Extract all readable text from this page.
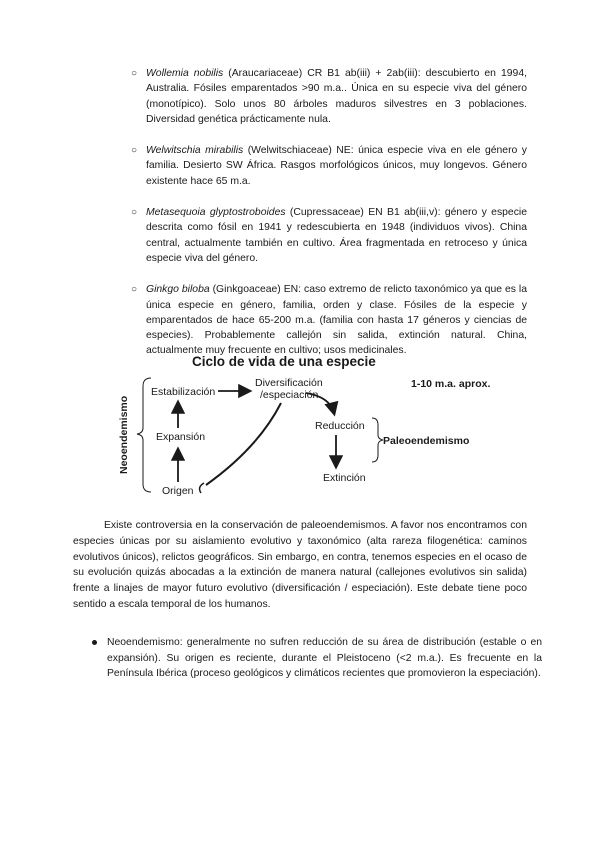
○ Wollemia nobilis (Araucariaceae) CR B1 ab(iii) + 2ab(iii): descubierto en 1994, Australia. Fósiles emparentados >90 m.a.. Única en su especie viva del género (monotípico). Solo unos 80 árboles maduros silvestres en 3 poblaciones. Diversidad genética prácticamente nula.
○ Welwitschia mirabilis (Welwitschiaceae) NE: única especie viva en ele género y familia. Desierto SW África. Rasgos morfológicos únicos, muy longevos. Género existente hace 65 m.a.
○ Metasequoia glyptostroboides (Cupressaceae) EN B1 ab(iii,v): género y especie descrita como fósil en 1941 y redescubierta en 1948 (individuos vivos). China central, actualmente también en cultivo. Área fragmentada en retroceso y única especie viva del género.
○ Ginkgo biloba (Ginkgoaceae) EN: caso extremo de relicto taxonómico ya que es la única especie en género, familia, orden y clase. Fósiles de la especie y emparentados de hace 65-200 m.a. (familia con hasta 17 géneros y ciencias de especies). Probablemente callejón sin salida, extinción natural. China, actualmente muy frecuente en cultivo; usos medicinales.
Ciclo de vida de una especie
Neoendemismo
Estabilización
Diversificación
/especiación
Expansión
Origen
Reducción
Extinción
1-10 m.a. aprox.
Paleoendemismo

Existe controversia en la conservación de paleoendemismos. A favor nos encontramos con especies únicas por su aislamiento evolutivo y taxonómico (alta rareza filogenética: caminos evolutivos únicos), relictos geográficos. Sin embargo, en contra, tenemos especies en el ocaso de su evolución quizás abocadas a la extinción de manera natural (callejones evolutivos sin salida) frente a linajes de mayor futuro evolutivo (diversificación / especiación). Este debate tiene poco sentido a escala temporal de los humanos.

Neoendemismo: generalmente no sufren reducción de su área de distribución (estable o en expansión). Su origen es reciente, durante el Pleistoceno (<2 m.a.). Es frecuente en la Península Ibérica (proceso geológicos y climáticos recientes que promovieron la especiación).
